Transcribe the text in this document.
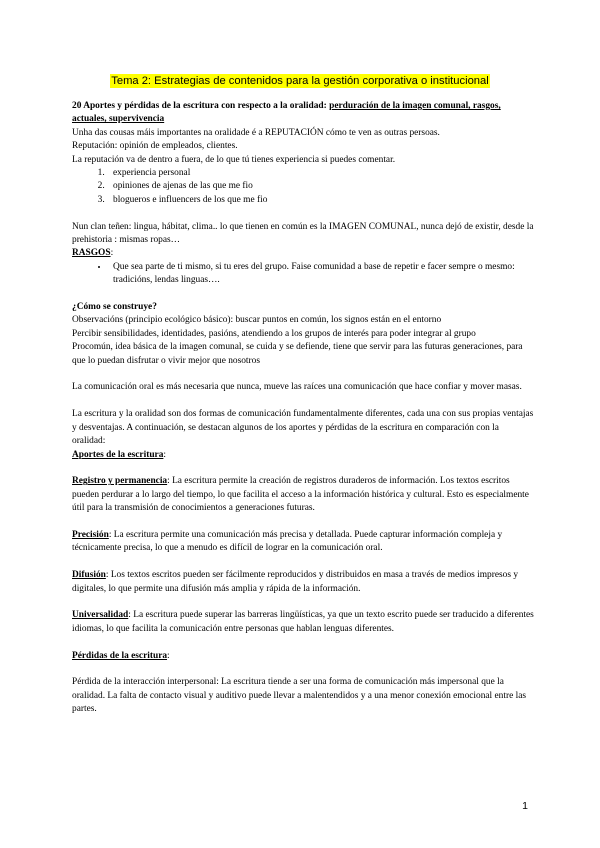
Tema 2: Estrategias de contenidos para la gestión corporativa o institucional

20 Aportes y pérdidas de la escritura con respecto a la oralidad: perduración de la imagen comunal, rasgos, actuales, supervivencia

Unha das cousas máis importantes na oralidade é a REPUTACIÓN cómo te ven as outras persoas.

Reputación: opinión de empleados, clientes.

La reputación va de dentro a fuera, de lo que tú tienes experiencia si puedes comentar.

1. experiencia personal
2. opiniones de ajenas de las que me fio
3. blogueros e influencers de los que me fio

Nun clan teñen: lingua, hábitat, clima.. lo que tienen en común es la IMAGEN COMUNAL, nunca dejó de existir, desde la prehistoria : mismas ropas…

RASGOS:

• Que sea parte de ti mismo, si tu eres del grupo. Faise comunidad a base de repetir e facer sempre o mesmo: tradicións, lendas linguas….

¿Cómo se construye?

Observacións (principio ecológico básico): buscar puntos en común, los signos están en el entorno

Percibir sensibilidades, identidades, pasións, atendiendo a los grupos de interés para poder integrar al grupo

Procomún, idea básica de la imagen comunal, se cuida y se defiende, tiene que servir para las futuras generaciones, para que lo puedan disfrutar o vivir mejor que nosotros

La comunicación oral es más necesaria que nunca, mueve las raíces una comunicación que hace confiar y mover masas.

La escritura y la oralidad son dos formas de comunicación fundamentalmente diferentes, cada una con sus propias ventajas y desventajas. A continuación, se destacan algunos de los aportes y pérdidas de la escritura en comparación con la oralidad:

Aportes de la escritura:

Registro y permanencia: La escritura permite la creación de registros duraderos de información. Los textos escritos pueden perdurar a lo largo del tiempo, lo que facilita el acceso a la información histórica y cultural. Esto es especialmente útil para la transmisión de conocimientos a generaciones futuras.

Precisión: La escritura permite una comunicación más precisa y detallada. Puede capturar información compleja y técnicamente precisa, lo que a menudo es difícil de lograr en la comunicación oral.

Difusión: Los textos escritos pueden ser fácilmente reproducidos y distribuidos en masa a través de medios impresos y digitales, lo que permite una difusión más amplia y rápida de la información.

Universalidad: La escritura puede superar las barreras lingüísticas, ya que un texto escrito puede ser traducido a diferentes idiomas, lo que facilita la comunicación entre personas que hablan lenguas diferentes.

Pérdidas de la escritura:

Pérdida de la interacción interpersonal: La escritura tiende a ser una forma de comunicación más impersonal que la oralidad. La falta de contacto visual y auditivo puede llevar a malentendidos y a una menor conexión emocional entre las partes.

1
